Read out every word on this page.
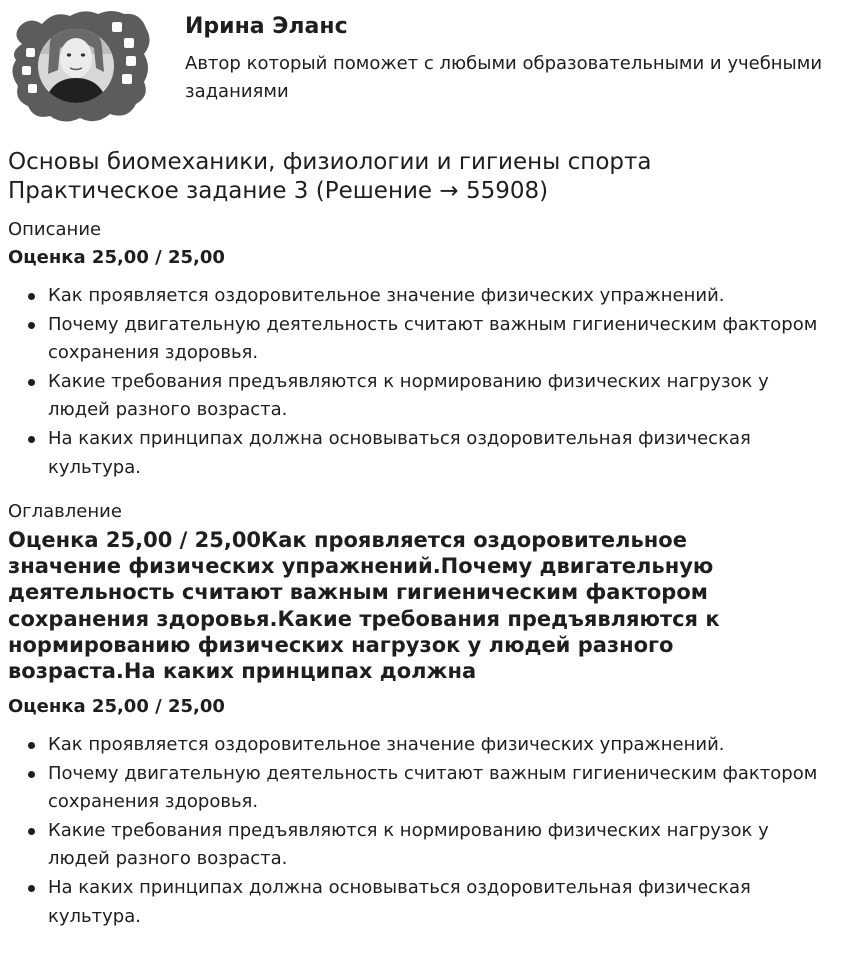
Ирина Эланс
Автор который поможет с любыми образовательными и учебными заданиями
Основы биомеханики, физиологии и гигиены спорта
Практическое задание 3 (Решение → 55908)
Описание
Оценка 25,00 / 25,00
Как проявляется оздоровительное значение физических упражнений.
Почему двигательную деятельность считают важным гигиеническим фактором сохранения здоровья.
Какие требования предъявляются к нормированию физических нагрузок у людей разного возраста.
На каких принципах должна основываться оздоровительная физическая культура.
Оглавление
Оценка 25,00 / 25,00Как проявляется оздоровительное значение физических упражнений.Почему двигательную деятельность считают важным гигиеническим фактором сохранения здоровья.Какие требования предъявляются к нормированию физических нагрузок у людей разного возраста.На каких принципах должна
Оценка 25,00 / 25,00
Как проявляется оздоровительное значение физических упражнений.
Почему двигательную деятельность считают важным гигиеническим фактором сохранения здоровья.
Какие требования предъявляются к нормированию физических нагрузок у людей разного возраста.
На каких принципах должна основываться оздоровительная физическая культура.
